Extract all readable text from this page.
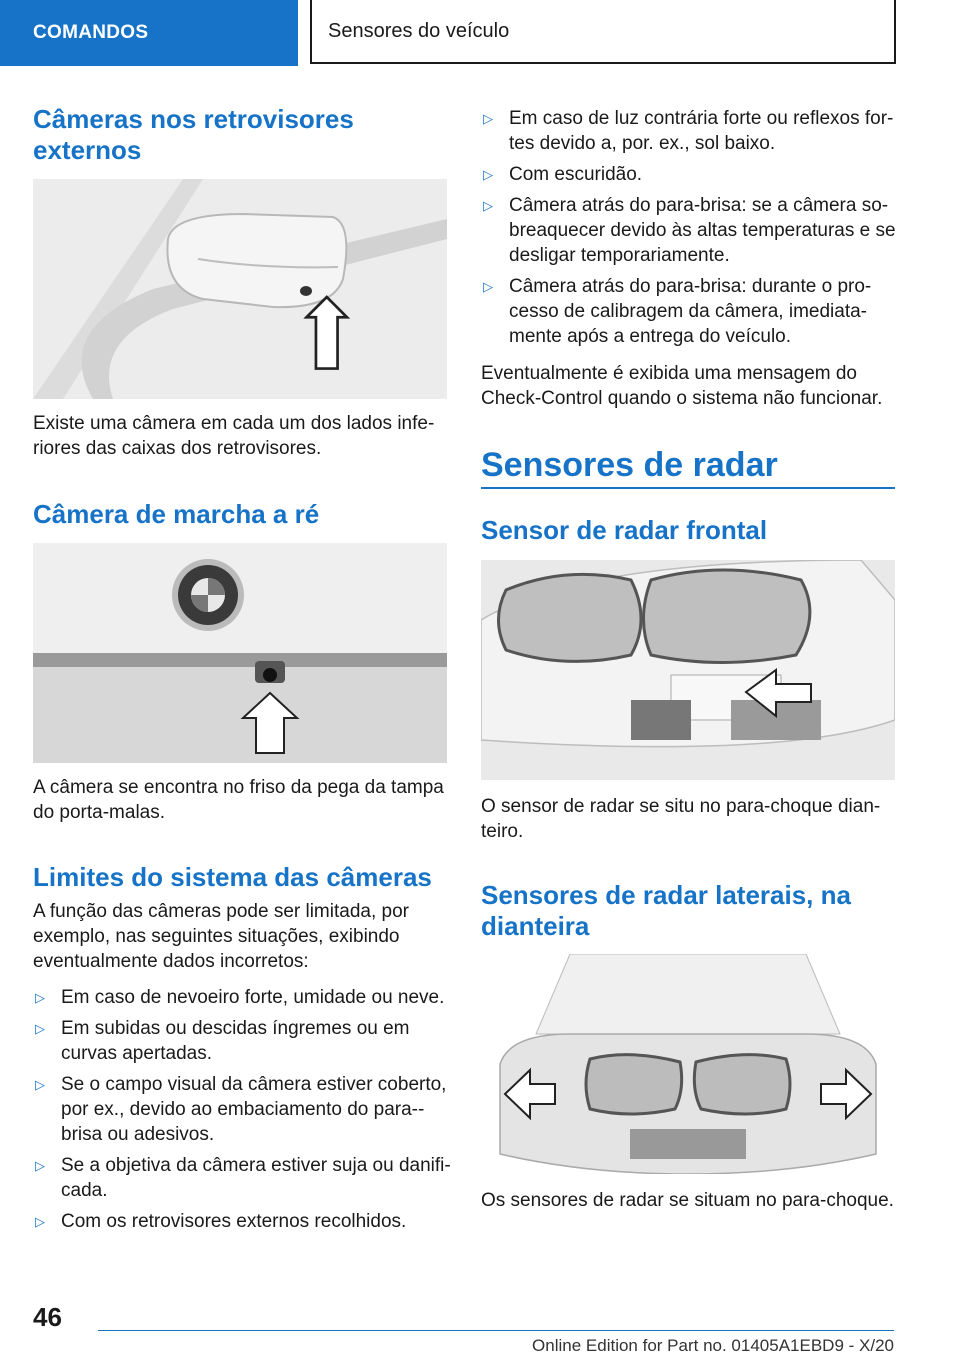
COMANDOS	Sensores do veículo
Câmeras nos retrovisores externos
Existe uma câmera em cada um dos lados infe-riores das caixas dos retrovisores.
Câmera de marcha a ré
A câmera se encontra no friso da pega da tampa do porta-malas.
Limites do sistema das câmeras
A função das câmeras pode ser limitada, por exemplo, nas seguintes situações, exibindo eventualmente dados incorretos:
▷ Em caso de nevoeiro forte, umidade ou neve.
▷ Em subidas ou descidas íngremes ou em curvas apertadas.
▷ Se o campo visual da câmera estiver coberto, por ex., devido ao embaciamento do para--brisa ou adesivos.
▷ Se a objetiva da câmera estiver suja ou danifi-cada.
▷ Com os retrovisores externos recolhidos.
▷ Em caso de luz contrária forte ou reflexos for-tes devido a, por. ex., sol baixo.
▷ Com escuridão.
▷ Câmera atrás do para-brisa: se a câmera so-breaquecer devido às altas temperaturas e se desligar temporariamente.
▷ Câmera atrás do para-brisa: durante o pro-cesso de calibragem da câmera, imediata-mente após a entrega do veículo.
Eventualmente é exibida uma mensagem do Check-Control quando o sistema não funcionar.
Sensores de radar
Sensor de radar frontal
O sensor de radar se situ no para-choque dian-teiro.
Sensores de radar laterais, na dianteira
Os sensores de radar se situam no para-choque.
46
Online Edition for Part no. 01405A1EBD9 - X/20
